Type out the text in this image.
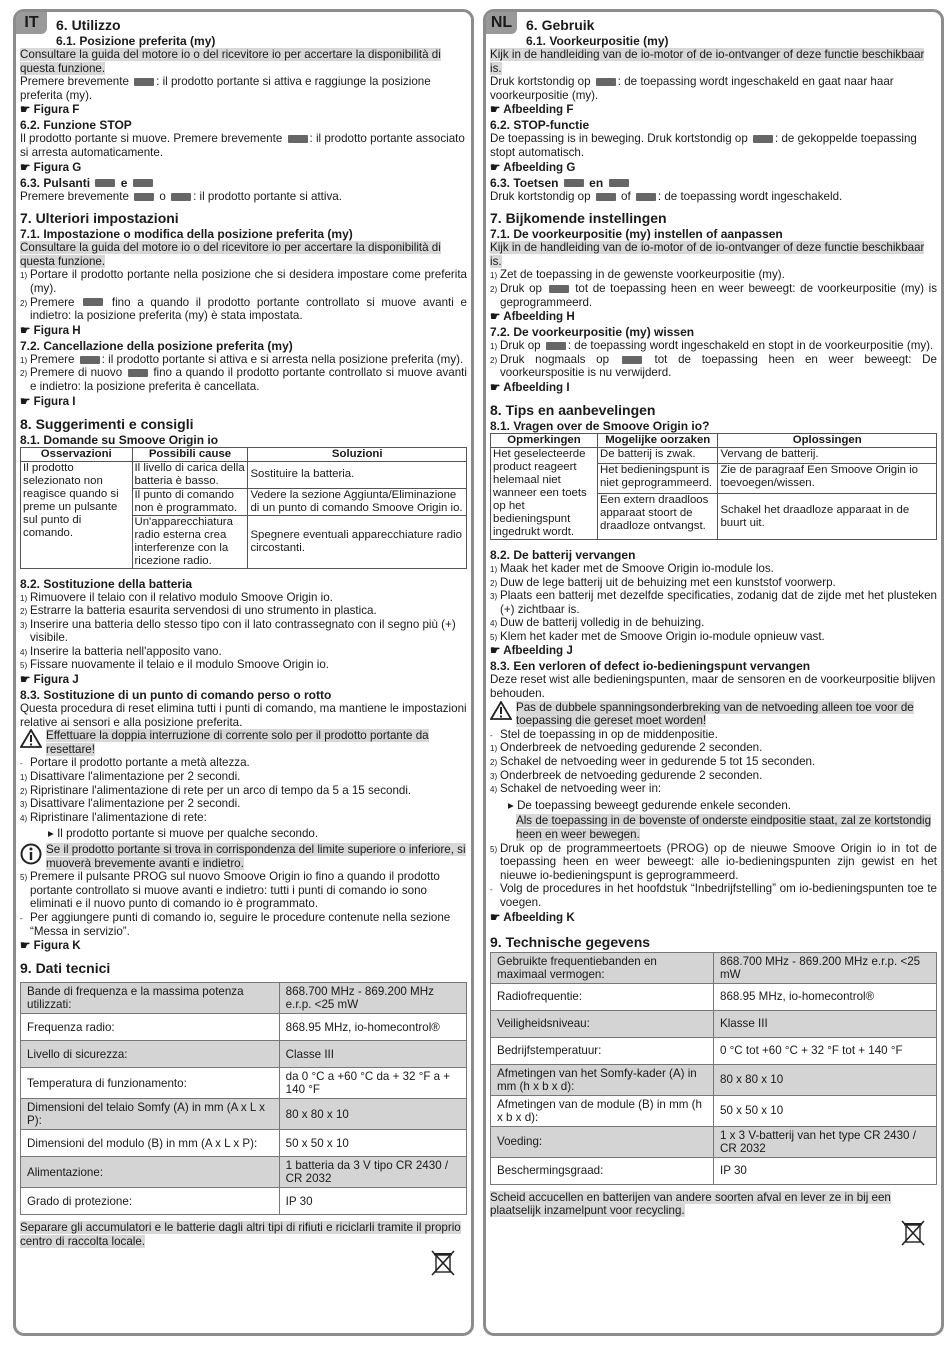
IT	6. Utilizzo
6.1. Posizione preferita (my)

Consultare la guida del motore io o del ricevitore io per accertare la disponibilità di questa funzione.

Premere brevemente : il prodotto portante si attiva e raggiunge la posizione preferita (my).

☛ Figura F
6.2. Funzione STOP

Il prodotto portante si muove. Premere brevemente : il prodotto portante associato si arresta automaticamente.

☛ Figura G
6.3. Pulsanti	e

Premere brevemente	o : il prodotto portante si attiva.

7. Ulteriori impostazioni
7.1. Impostazione o modifica della posizione preferita (my)

Consultare la guida del motore io o del ricevitore io per accertare la disponibilità di questa funzione.

1) Portare il prodotto portante nella posizione che si desidera impostare come preferita (my).

2) Premere	fino a quando il prodotto portante controllato si muove avanti e indietro: la posizione preferita (my) è stata impostata.

☛ Figura H
7.2. Cancellazione della posizione preferita (my)

1) Premere : il prodotto portante si attiva e si arresta nella posizione preferita (my).

2) Premere di nuovo	fino a quando il prodotto portante controllato si muove avanti e indietro: la posizione preferita è cancellata.

☛ Figura I
8. Suggerimenti e consigli
8.1. Domande su Smoove Origin io
Osservazioni	Possibili cause	Soluzioni
Il prodotto selezionato non reagisce quando si preme un pulsante sul punto di comando.	Il livello di carica della batteria è basso.	Sostituire la batteria.
	Il punto di comando non è programmato.	Vedere la sezione Aggiunta/Eliminazione di un punto di comando Smoove Origin io.
	Un'apparecchiatura radio esterna crea interferenze con la ricezione radio.	Spegnere eventuali apparecchiature radio circostanti.
8.2. Sostituzione della batteria

1) Rimuovere il telaio con il relativo modulo Smoove Origin io.

2) Estrarre la batteria esaurita servendosi di uno strumento in plastica.

3) Inserire una batteria dello stesso tipo con il lato contrassegnato con il segno più (+) visibile.

4) Inserire la batteria nell'apposito vano.

5) Fissare nuovamente il telaio e il modulo Smoove Origin io.

☛ Figura J
8.3. Sostituzione di un punto di comando perso o rotto

Questa procedura di reset elimina tutti i punti di comando, ma mantiene le impostazioni relative ai sensori e alla posizione preferita.

Effettuare la doppia interruzione di corrente solo per il prodotto portante da resettare!

- Portare il prodotto portante a metà altezza.

1) Disattivare l'alimentazione per 2 secondi.

2) Ripristinare l'alimentazione di rete per un arco di tempo da 5 a 15 secondi.

3) Disattivare l'alimentazione per 2 secondi.

4) Ripristinare l'alimentazione di rete:

▸ Il prodotto portante si muove per qualche secondo.

Se il prodotto portante si trova in corrispondenza del limite superiore o inferiore, si muoverà brevemente avanti e indietro.

5) Premere il pulsante PROG sul nuovo Smoove Origin io fino a quando il prodotto portante controllato si muove avanti e indietro: tutti i punti di comando io sono eliminati e il nuovo punto di comando io è programmato.

- Per aggiungere punti di comando io, seguire le procedure contenute nella sezione “Messa in servizio”.

☛ Figura K
9. Dati tecnici
Bande di frequenza e la massima potenza utilizzati:	868.700 MHz - 869.200 MHz e.r.p. <25 mW
Frequenza radio:	868.95 MHz, io-homecontrol®
Livello di sicurezza:	Classe III
Temperatura di funzionamento:	da 0 °C a +60 °C da + 32 °F a + 140 °F
Dimensioni del telaio Somfy (A) in mm (A x L x P):	80 x 80 x 10
Dimensioni del modulo (B) in mm (A x L x P):	50 x 50 x 10
Alimentazione:	1 batteria da 3 V tipo CR 2430 / CR 2032
Grado di protezione:	IP 30

Separare gli accumulatori e le batterie dagli altri tipi di rifiuti e riciclarli tramite il proprio centro di raccolta locale.

NL 6. Gebruik
6.1. Voorkeurpositie (my)

Kijk in de handleiding van de io-motor of de io-ontvanger of deze functie beschikbaar is.

Druk kortstondig op : de toepassing wordt ingeschakeld en gaat naar haar voorkeurpositie (my).

☛ Afbeelding F
6.2. STOP-functie

De toepassing is in beweging. Druk kortstondig op : de gekoppelde toepassing stopt automatisch.

☛ Afbeelding G
6.3. Toetsen	en

Druk kortstondig op	of : de toepassing wordt ingeschakeld.

7. Bijkomende instellingen
7.1. De voorkeurpositie (my) instellen of aanpassen

Kijk in de handleiding van de io-motor of de io-ontvanger of deze functie beschikbaar is.

1) Zet de toepassing in de gewenste voorkeurpositie (my).

2) Druk op	tot de toepassing heen en weer beweegt: de voorkeurpositie (my) is geprogrammeerd.

☛ Afbeelding H
7.2. De voorkeurpositie (my) wissen

1) Druk op : de toepassing wordt ingeschakeld en stopt in de voorkeurpositie (my).

2) Druk nogmaals op	tot de toepassing heen en weer beweegt: De voorkeurspositie is nu verwijderd.

☛ Afbeelding I
8. Tips en aanbevelingen
8.1. Vragen over de Smoove Origin io?
Opmerkingen	Mogelijke oorzaken	Oplossingen
Het geselecteerde product reageert helemaal niet wanneer een toets op het bedieningspunt ingedrukt wordt.	De batterij is zwak.	Vervang de batterij.
	Het bedieningspunt is niet geprogrammeerd.	Zie de paragraaf Een Smoove Origin io toevoegen/wissen.
	Een extern draadloos apparaat stoort de draadloze ontvangst.	Schakel het draadloze apparaat in de buurt uit.
8.2. De batterij vervangen

1) Maak het kader met de Smoove Origin io-module los.

2) Duw de lege batterij uit de behuizing met een kunststof voorwerp.

3) Plaats een batterij met dezelfde specificaties, zodanig dat de zijde met het plusteken (+) zichtbaar is.

4) Duw de batterij volledig in de behuizing.

5) Klem het kader met de Smoove Origin io-module opnieuw vast.

☛ Afbeelding J
8.3. Een verloren of defect io-bedieningspunt vervangen

Deze reset wist alle bedieningspunten, maar de sensoren en de voorkeurpositie blijven behouden.

Pas de dubbele spanningsonderbreking van de netvoeding alleen toe voor de toepassing die gereset moet worden!

- Stel de toepassing in op de middenpositie.

1) Onderbreek de netvoeding gedurende 2 seconden.

2) Schakel de netvoeding weer in gedurende 5 tot 15 seconden.

3) Onderbreek de netvoeding gedurende 2 seconden.

4) Schakel de netvoeding weer in:

▸ De toepassing beweegt gedurende enkele seconden.

Als de toepassing in de bovenste of onderste eindpositie staat, zal ze kortstondig heen en weer bewegen.

5) Druk op de programmeertoets (PROG) op de nieuwe Smoove Origin io in tot de toepassing heen en weer beweegt: alle io-bedieningspunten zijn gewist en het nieuwe io-bedieningspunt is geprogrammeerd.

- Volg de procedures in het hoofdstuk “Inbedrijfstelling” om io-bedieningspunten toe te voegen.

☛ Afbeelding K
9. Technische gegevens
Gebruikte frequentiebanden en maximaal vermogen:	868.700 MHz - 869.200 MHz e.r.p. <25 mW
Radiofrequentie:	868.95 MHz, io-homecontrol®
Veiligheidsniveau:	Klasse III
Bedrijfstemperatuur:	0 °C tot +60 °C + 32 °F tot + 140 °F
Afmetingen van het Somfy-kader (A) in mm (h x b x d):	80 x 80 x 10
Afmetingen van de module (B) in mm (h x b x d):	50 x 50 x 10
Voeding:	1 x 3 V-batterij van het type CR 2430 / CR 2032
Beschermingsgraad:	IP 30

Scheid accucellen en batterijen van andere soorten afval en lever ze in bij een plaatselijk inzamelpunt voor recycling.
